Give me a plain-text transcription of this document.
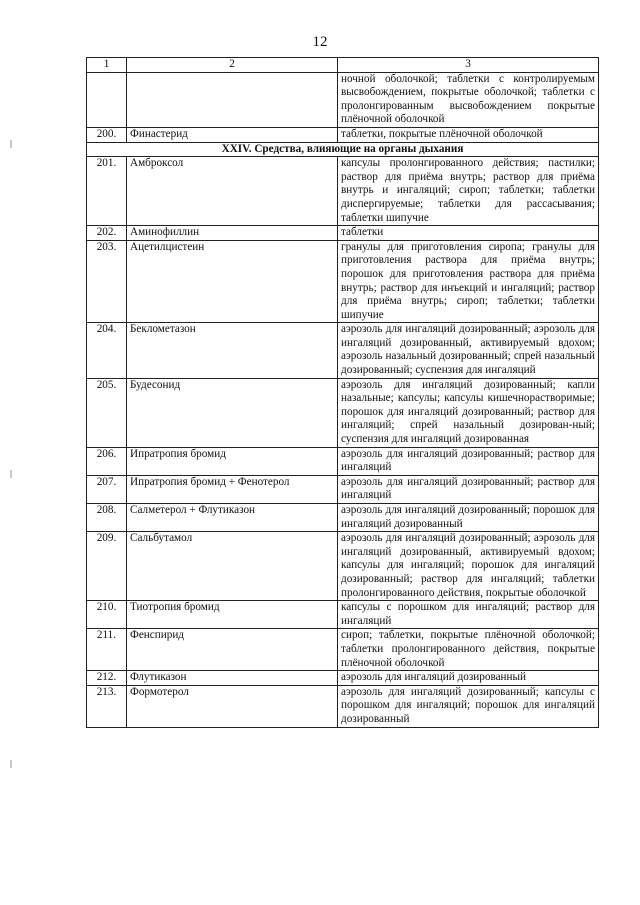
12
1	2	3
		ночной оболочкой; таблетки с контролируемым высвобождением, покрытые оболочкой; таблетки с пролонгированным высвобождением покрытые плёночной оболочкой
200.	Финастерид	таблетки, покрытые плёночной оболочкой
XXIV. Средства, влияющие на органы дыхания		
201.	Амброксол	капсулы пролонгированного действия; пастилки; раствор для приёма внутрь; раствор для приёма внутрь и ингаляций; сироп; таблетки; таблетки диспергируемые; таблетки для рассасывания; таблетки шипучие
202.	Аминофиллин	таблетки
203.	Ацетилцистеин	гранулы для приготовления сиропа; гранулы для приготовления раствора для приёма внутрь; порошок для приготовления раствора для приёма внутрь; раствор для инъекций и ингаляций; раствор для приёма внутрь; сироп; таблетки; таблетки шипучие
204.	Беклометазон	аэрозоль для ингаляций дозированный; аэрозоль для ингаляций дозированный, активируемый вдохом; аэрозоль назальный дозированный; спрей назальный дозированный; суспензия для ингаляций
205.	Будесонид	аэрозоль для ингаляций дозированный; капли назальные; капсулы; капсулы кишечнорастворимые; порошок для ингаляций дозированный; раствор для ингаляций; спрей назальный дозирован-ный; суспензия для ингаляций дозированная
206.	Ипратропия бромид	аэрозоль для ингаляций дозированный; раствор для ингаляций
207.	Ипратропия бромид + Фенотерол	аэрозоль для ингаляций дозированный; раствор для ингаляций
208.	Салметерол + Флутиказон	аэрозоль для ингаляций дозированный; порошок для ингаляций дозированный
209.	Сальбутамол	аэрозоль для ингаляций дозированный; аэрозоль для ингаляций дозированный, активируемый вдохом; капсулы для ингаляций; порошок для ингаляций дозированный; раствор для ингаляций; таблетки пролонгированного действия, покрытые оболочкой
210.	Тиотропия бромид	капсулы с порошком для ингаляций; раствор для ингаляций
211.	Фенспирид	сироп; таблетки, покрытые плёночной оболочкой; таблетки пролонгированного действия, покрытые плёночной оболочкой
212.	Флутиказон	аэрозоль для ингаляций дозированный
213.	Формотерол	аэрозоль для ингаляций дозированный; капсулы с порошком для ингаляций; порошок для ингаляций дозированный
